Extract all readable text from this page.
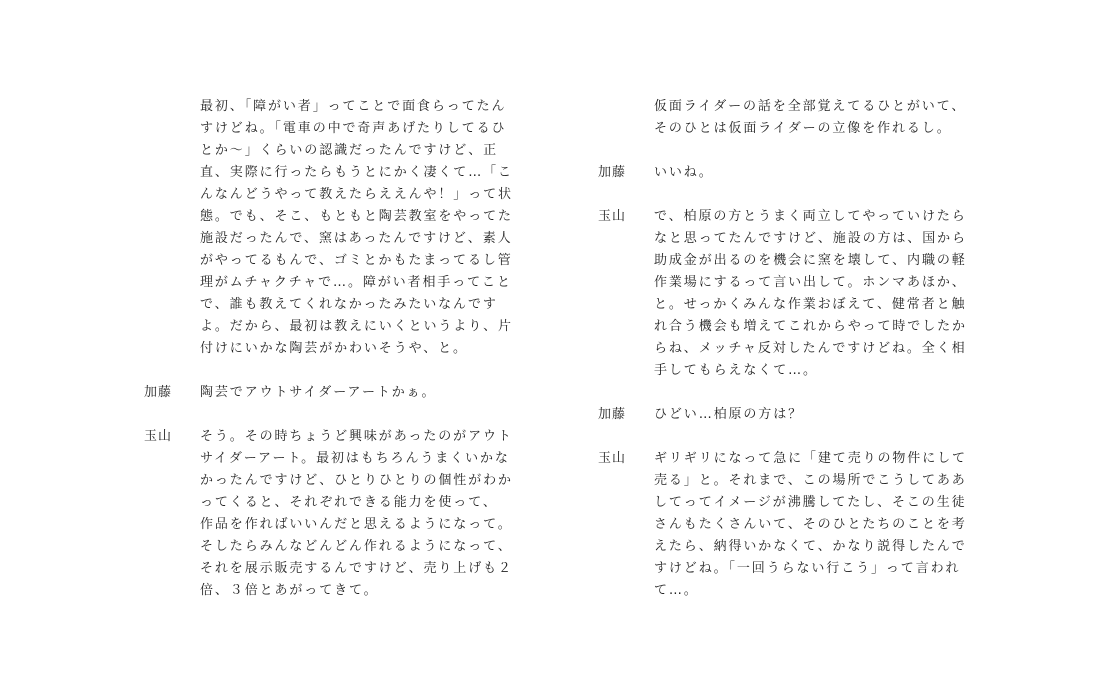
最初、「障がい者」ってことで面食らってたん
すけどね。「電車の中で奇声あげたりしてるひ
とか〜」くらいの認識だったんですけど、正
直、実際に行ったらもうとにかく凄くて…「こ
んなんどうやって教えたらええんや！」って状
態。でも、そこ、もともと陶芸教室をやってた
施設だったんで、窯はあったんですけど、素人
がやってるもんで、ゴミとかもたまってるし管
理がムチャクチャで…。障がい者相手ってこと
で、誰も教えてくれなかったみたいなんです
よ。だから、最初は教えにいくというより、片
付けにいかな陶芸がかわいそうや、と。
加藤	陶芸でアウトサイダーアートかぁ。
玉山	そう。その時ちょうど興味があったのがアウト
サイダーアート。最初はもちろんうまくいかな
かったんですけど、ひとりひとりの個性がわか
ってくると、それぞれできる能力を使って、
作品を作ればいいんだと思えるようになって。
そしたらみんなどんどん作れるようになって、
それを展示販売するんですけど、売り上げも２
倍、３倍とあがってきて。
仮面ライダーの話を全部覚えてるひとがいて、
そのひとは仮面ライダーの立像を作れるし。
加藤	いいね。
玉山	で、柏原の方とうまく両立してやっていけたら
なと思ってたんですけど、施設の方は、国から
助成金が出るのを機会に窯を壊して、内職の軽
作業場にするって言い出して。ホンマあほか、
と。せっかくみんな作業おぼえて、健常者と触
れ合う機会も増えてこれからやって時でしたか
らね、メッチャ反対したんですけどね。全く相
手してもらえなくて…。
加藤	ひどい…柏原の方は？
玉山	ギリギリになって急に「建て売りの物件にして
売る」と。それまで、この場所でこうしてああ
してってイメージが沸騰してたし、そこの生徒
さんもたくさんいて、そのひとたちのことを考
えたら、納得いかなくて、かなり説得したんで
すけどね。「一回うらない行こう」って言われ
て…。
